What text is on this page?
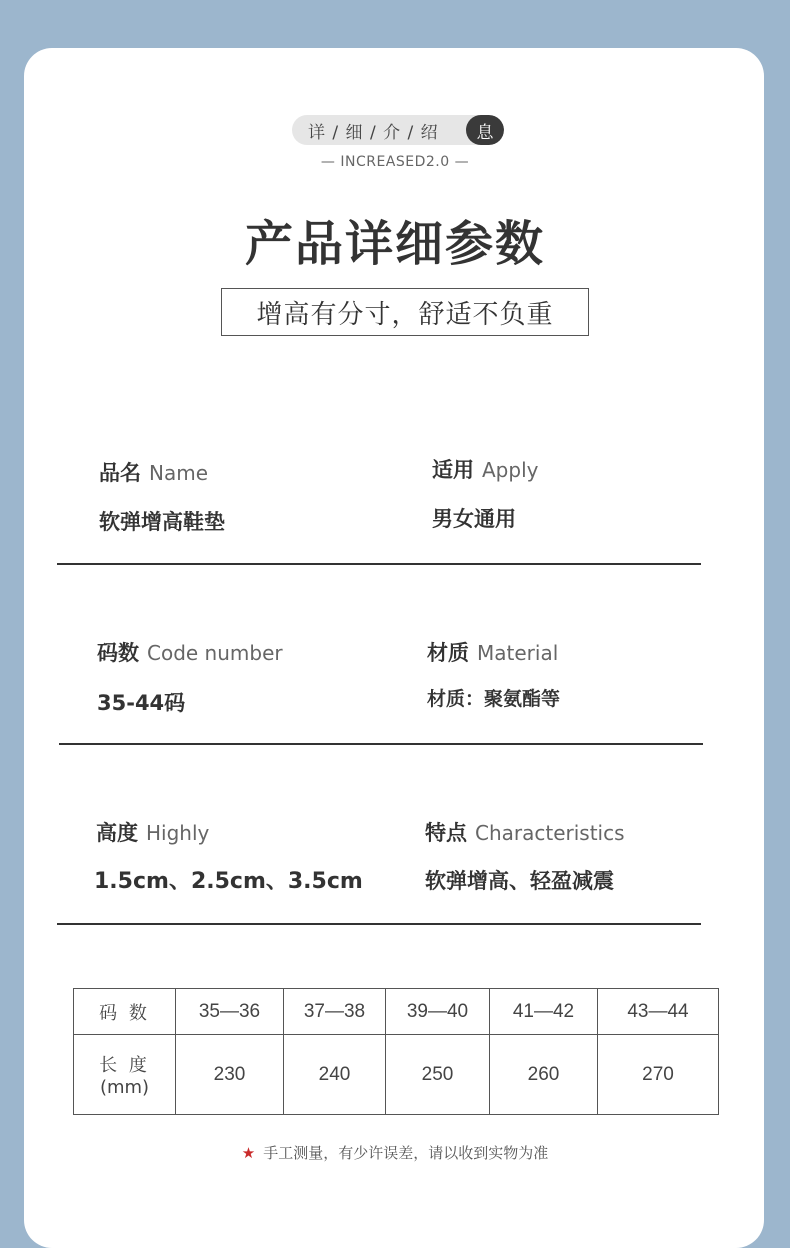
详 / 细 / 介 / 绍	息
— INCREASED2.0 —
产品详细参数
增高有分寸，舒适不负重
品名 Name
软弹增高鞋垫
适用 Apply
男女通用
码数 Code number
35-44码
材质 Material
材质：聚氨酯等
高度 Highly
1.5cm、2.5cm、3.5cm
特点 Characteristics
软弹增高、轻盈减震
码 数	35—36	37—38	39—40	41—42	43—44
长 度
(mm)	230	240	250	260	270
★ 手工测量，有少许误差，请以收到实物为准
